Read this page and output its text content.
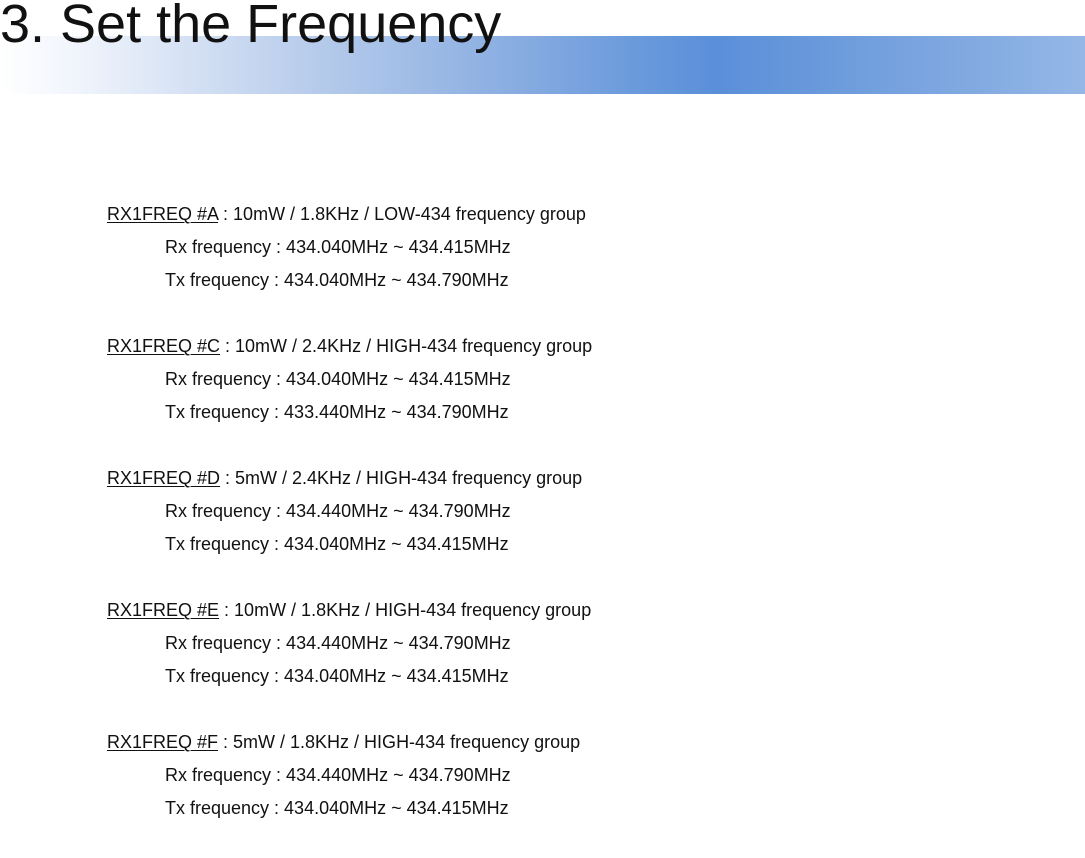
3. Set the Frequency
RX1FREQ #A : 10mW / 1.8KHz / LOW-434 frequency group
Rx frequency : 434.040MHz ~ 434.415MHz
Tx frequency : 434.040MHz ~ 434.790MHz
RX1FREQ #C : 10mW / 2.4KHz / HIGH-434 frequency group
Rx frequency : 434.040MHz ~ 434.415MHz
Tx frequency : 433.440MHz ~ 434.790MHz
RX1FREQ #D : 5mW / 2.4KHz / HIGH-434 frequency group
Rx frequency : 434.440MHz ~ 434.790MHz
Tx frequency : 434.040MHz ~ 434.415MHz
RX1FREQ #E : 10mW / 1.8KHz / HIGH-434 frequency group
Rx frequency : 434.440MHz ~ 434.790MHz
Tx frequency : 434.040MHz ~ 434.415MHz
RX1FREQ #F : 5mW / 1.8KHz / HIGH-434 frequency group
Rx frequency : 434.440MHz ~ 434.790MHz
Tx frequency : 434.040MHz ~ 434.415MHz
